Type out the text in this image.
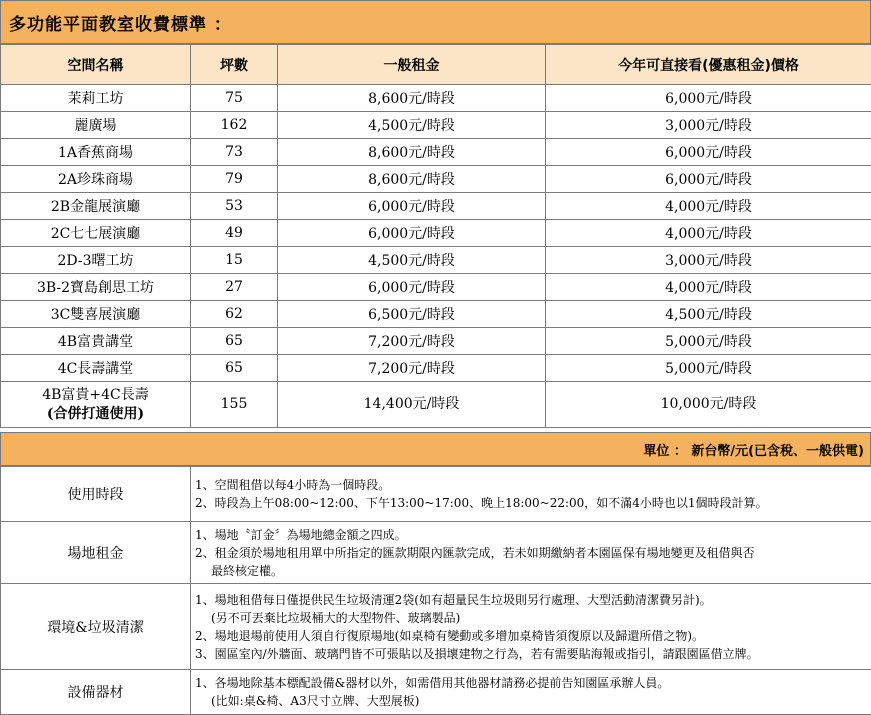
多功能平面教室收費標準 ：
空間名稱	坪數	一般租金	今年可直接看(優惠租金)價格
茉莉工坊	75	8,600元/時段	6,000元/時段
麗廣場	162	4,500元/時段	3,000元/時段
1A香蕉商場	73	8,600元/時段	6,000元/時段
2A珍珠商場	79	8,600元/時段	6,000元/時段
2B金龍展演廳	53	6,000元/時段	4,000元/時段
2C七七展演廳	49	6,000元/時段	4,000元/時段
2D-3曙工坊	15	4,500元/時段	3,000元/時段
3B-2寶島創思工坊	27	6,000元/時段	4,000元/時段
3C雙喜展演廳	62	6,500元/時段	4,500元/時段
4B富貴講堂	65	7,200元/時段	5,000元/時段
4C長壽講堂	65	7,200元/時段	5,000元/時段

4B富貴+4C長壽
(合併打通使用)	155	14,400元/時段	10,000元/時段
單位 ： 新台幣/元(已含稅、一般供電)
使用時段	1、空間租借以每4小時為一個時段。
2、時段為上午08:00~12:00、下午13:00~17:00、晚上18:00~22:00，如不滿4小時也以1個時段計算。

場地租金	1、場地〝訂金〞為場地總金額之四成。
2、租金須於場地租用單中所指定的匯款期限內匯款完成，若未如期繳納者本園區保有場地變更及租借與否
最終核定權。

環境&垃圾清潔	1、場地租借每日僅提供民生垃圾清運2袋(如有超量民生垃圾則另行處理、大型活動清潔費另計)。
(另不可丟棄比垃圾桶大的大型物件、玻璃製品)
2、場地退場前使用人須自行復原場地(如桌椅有變動或多增加桌椅皆須復原以及歸還所借之物)。
3、園區室內/外牆面、玻璃門皆不可張貼以及損壞建物之行為，若有需要貼海報或指引，請跟園區借立牌。

設備器材	1、各場地除基本標配設備&器材以外，如需借用其他器材請務必提前告知園區承辦人員。
(比如:桌&椅、A3尺寸立牌、大型展板)
